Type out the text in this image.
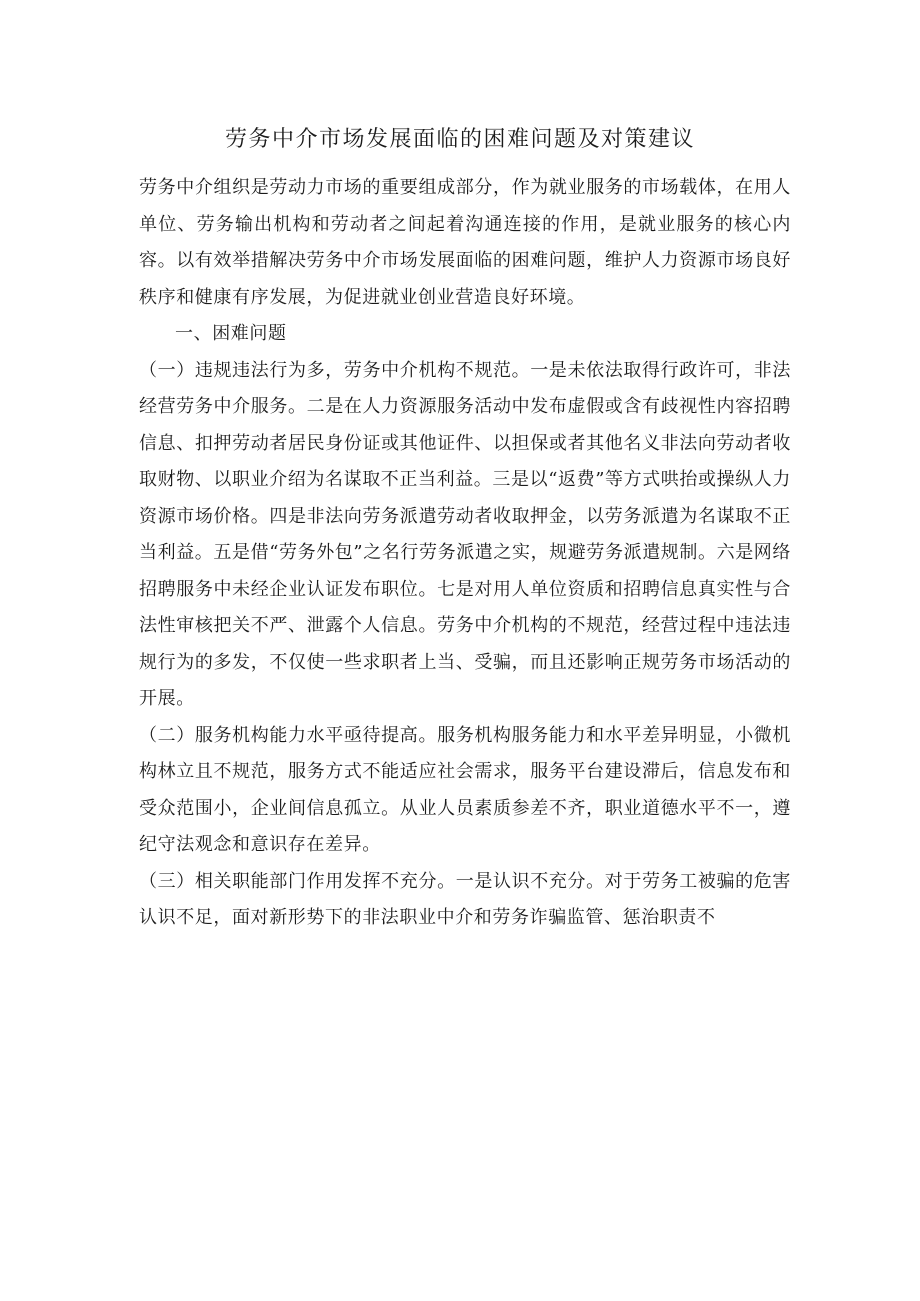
劳务中介市场发展面临的困难问题及对策建议

劳务中介组织是劳动力市场的重要组成部分，作为就业服务的市场载体，在用人单位、劳务输出机构和劳动者之间起着沟通连接的作用，是就业服务的核心内容。以有效举措解决劳务中介市场发展面临的困难问题，维护人力资源市场良好秩序和健康有序发展，为促进就业创业营造良好环境。

一、困难问题

（一）违规违法行为多，劳务中介机构不规范。一是未依法取得行政许可，非法经营劳务中介服务。二是在人力资源服务活动中发布虚假或含有歧视性内容招聘信息、扣押劳动者居民身份证或其他证件、以担保或者其他名义非法向劳动者收取财物、以职业介绍为名谋取不正当利益。三是以“返费”等方式哄抬或操纵人力资源市场价格。四是非法向劳务派遣劳动者收取押金，以劳务派遣为名谋取不正当利益。五是借“劳务外包”之名行劳务派遣之实，规避劳务派遣规制。六是网络招聘服务中未经企业认证发布职位。七是对用人单位资质和招聘信息真实性与合法性审核把关不严、泄露个人信息。劳务中介机构的不规范，经营过程中违法违规行为的多发，不仅使一些求职者上当、受骗，而且还影响正规劳务市场活动的开展。

（二）服务机构能力水平亟待提高。服务机构服务能力和水平差异明显，小微机构林立且不规范，服务方式不能适应社会需求，服务平台建设滞后，信息发布和受众范围小，企业间信息孤立。从业人员素质参差不齐，职业道德水平不一，遵纪守法观念和意识存在差异。

（三）相关职能部门作用发挥不充分。一是认识不充分。对于劳务工被骗的危害认识不足，面对新形势下的非法职业中介和劳务诈骗监管、惩治职责不
